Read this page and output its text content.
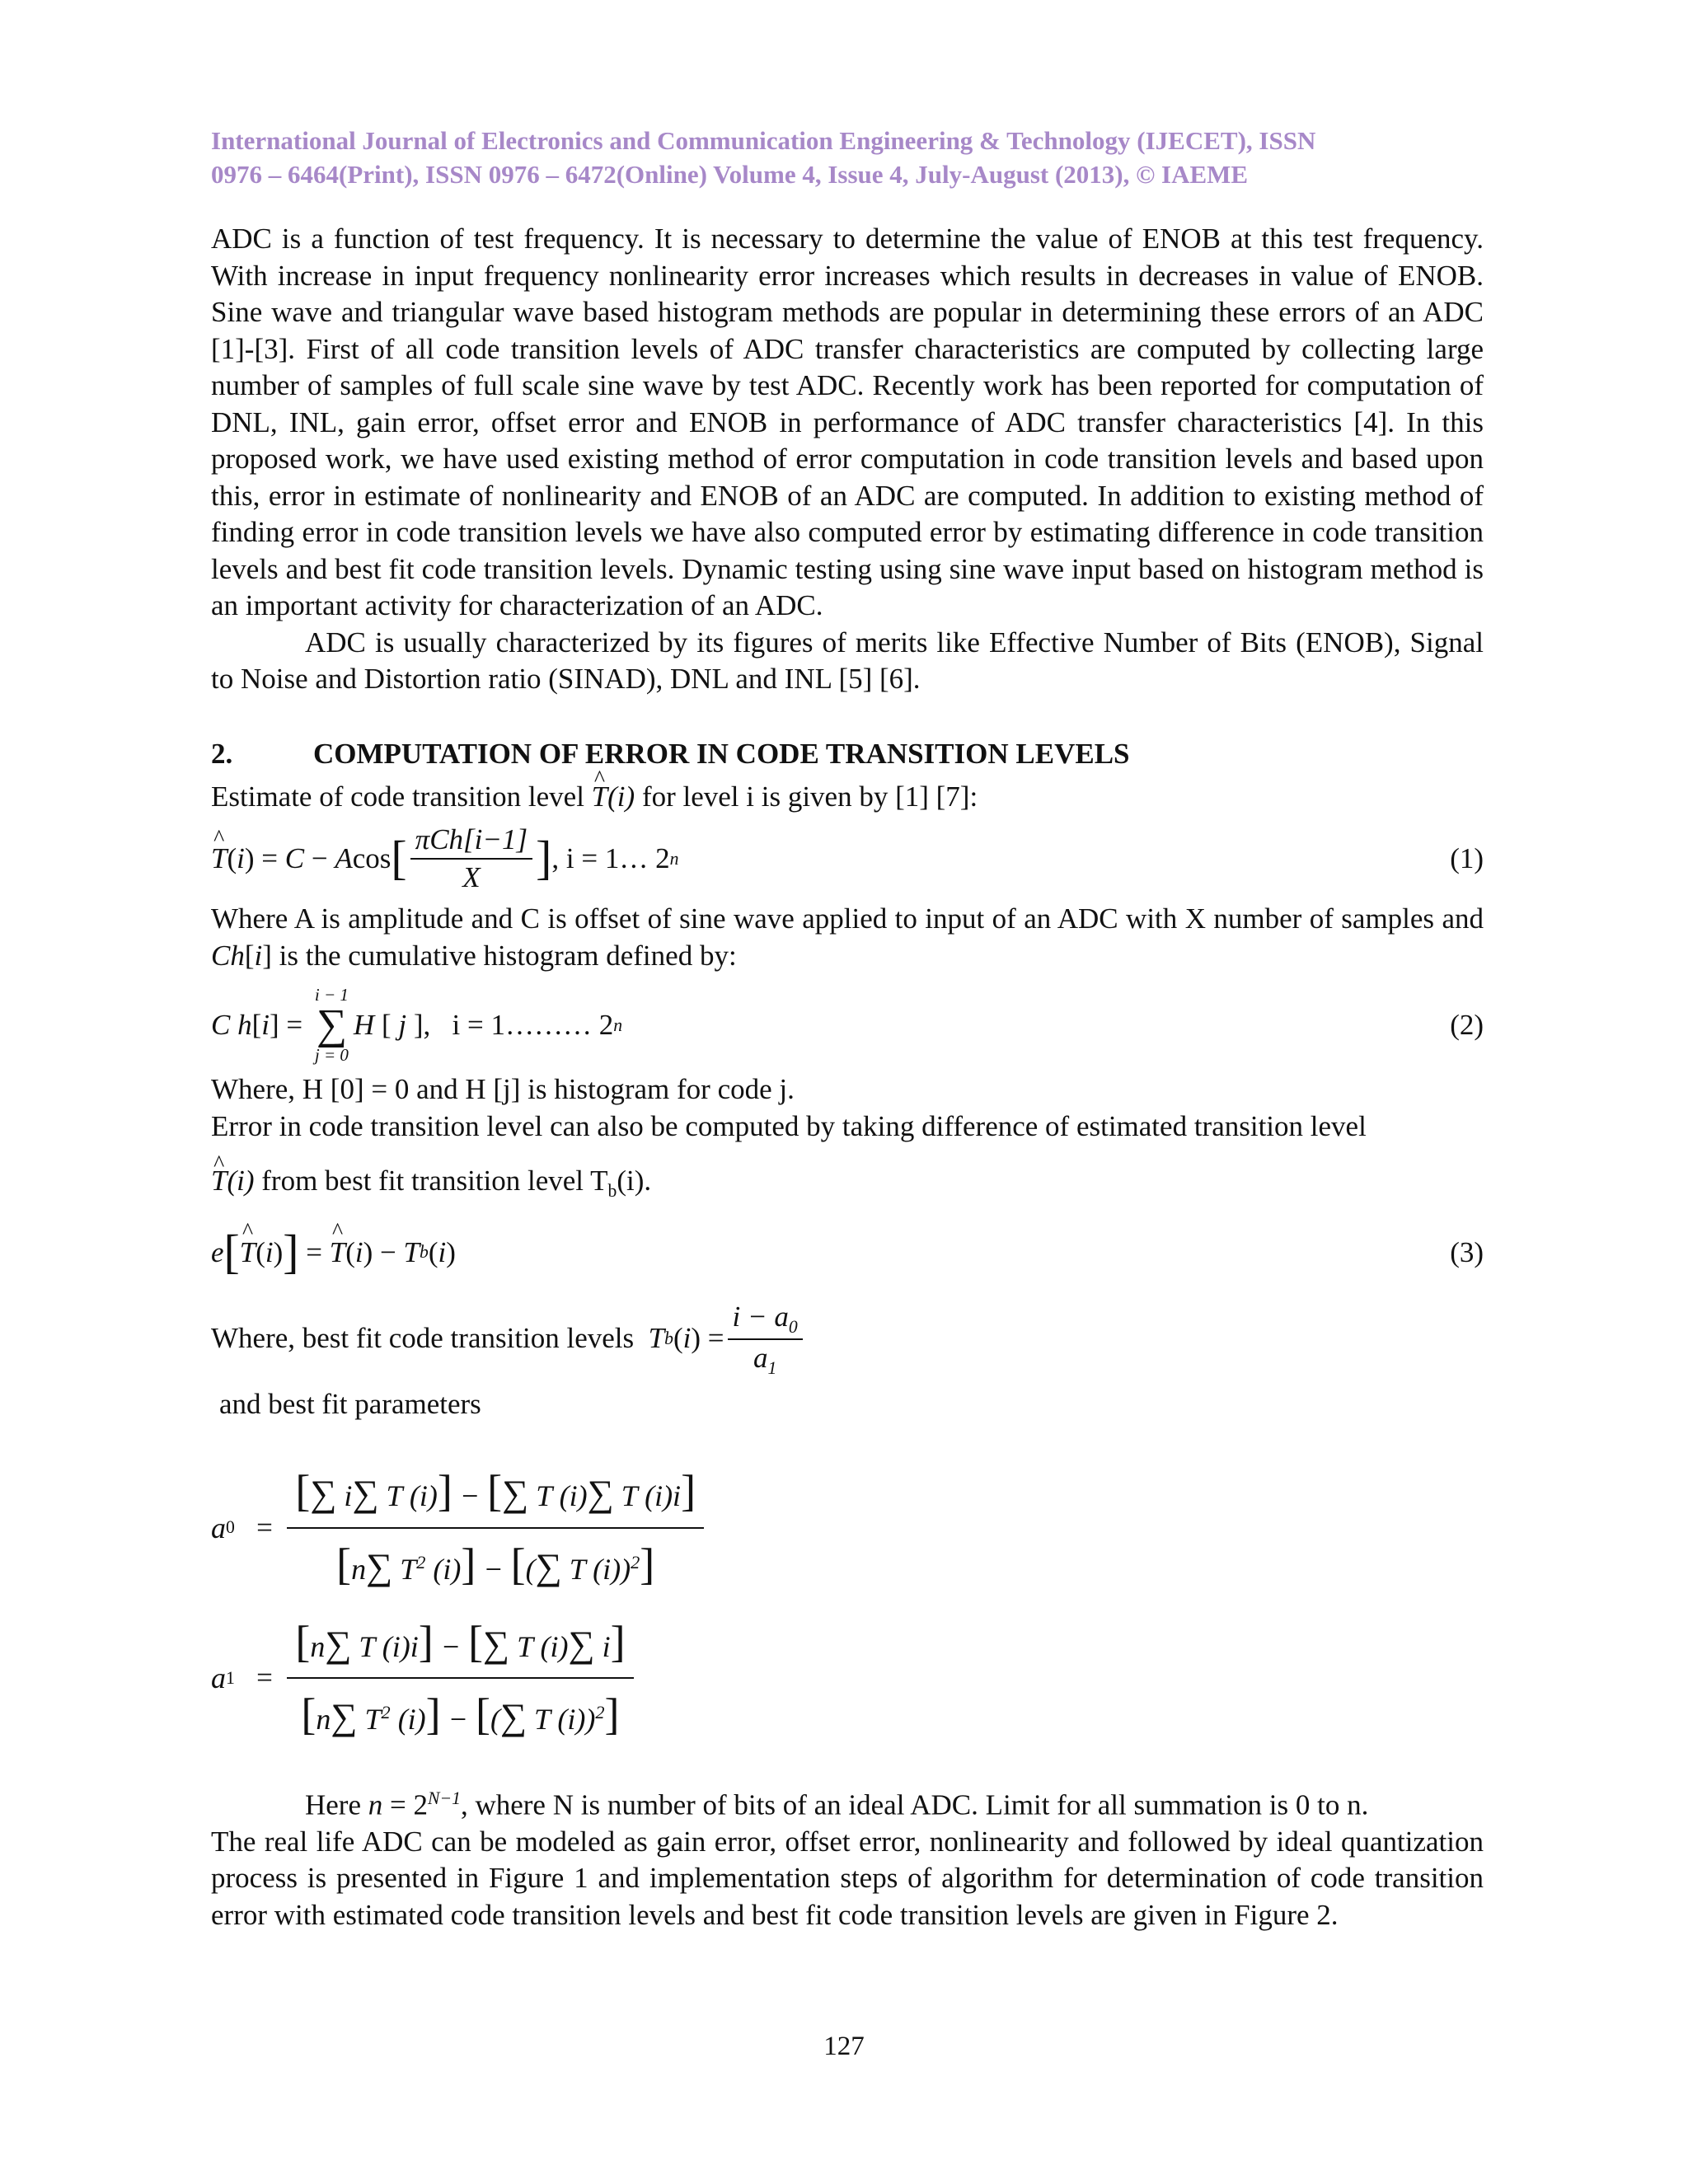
International Journal of Electronics and Communication Engineering & Technology (IJECET), ISSN
0976 – 6464(Print), ISSN 0976 – 6472(Online) Volume 4, Issue 4, July-August (2013), © IAEME

ADC is a function of test frequency. It is necessary to determine the value of ENOB at this test frequency. With increase in input frequency nonlinearity error increases which results in decreases in value of ENOB. Sine wave and triangular wave based histogram methods are popular in determining these errors of an ADC [1]-[3]. First of all code transition levels of ADC transfer characteristics are computed by collecting large number of samples of full scale sine wave by test ADC. Recently work has been reported for computation of DNL, INL, gain error, offset error and ENOB in performance of ADC transfer characteristics [4]. In this proposed work, we have used existing method of error computation in code transition levels and based upon this, error in estimate of nonlinearity and ENOB of an ADC are computed. In addition to existing method of finding error in code transition levels we have also computed error by estimating difference in code transition levels and best fit code transition levels. Dynamic testing using sine wave input based on histogram method is an important activity for characterization of an ADC.

ADC is usually characterized by its figures of merits like Effective Number of Bits (ENOB), Signal to Noise and Distortion ratio (SINAD), DNL and INL [5] [6].

2.	COMPUTATION OF ERROR IN CODE TRANSITION LEVELS
Estimate of code transition level ^ T(i) for level i is given by [1] [7]:
^ T ( i ) = C − A cos [ $\frac{\text{πCh[i−1]}}{X}$ ] , i = 1… 2 n	(1)
Where A is amplitude and C is offset of sine wave applied to input of an ADC with X number of samples and Ch[i] is the cumulative histogram defined by:
C h [ i ] =
i − 1
∑
j = 0
H [ j ], i = 1……… 2 n	(2)
Where, H [0] = 0 and H [j] is histogram for code j.
Error in code transition level can also be computed by taking difference of estimated transition level
^ T(i) from best fit transition level $T_b(i)$.
e [ ^ T ( i ) ] = ^ T ( i ) − T b ( i )	(3)
Where, best fit code transition levels
T b ( i ) = $\frac{i - a_0}{a_1}$
and best fit parameters
a 0 =
[∑ i∑ T (i)] − [∑ T (i)∑ T (i)i]
[n∑ $T^2$ (i)] − [(∑ T (i))$^2$]
a 1 =
[n∑ T (i)i] − [∑ T (i)∑ i]
[n∑ $T^2$ (i)] − [(∑ T (i))$^2$]

Here $n = 2^{N-1}$, where N is number of bits of an ideal ADC. Limit for all summation is 0 to n.

The real life ADC can be modeled as gain error, offset error, nonlinearity and followed by ideal quantization process is presented in Figure 1 and implementation steps of algorithm for determination of code transition error with estimated code transition levels and best fit code transition levels are given in Figure 2.

127
